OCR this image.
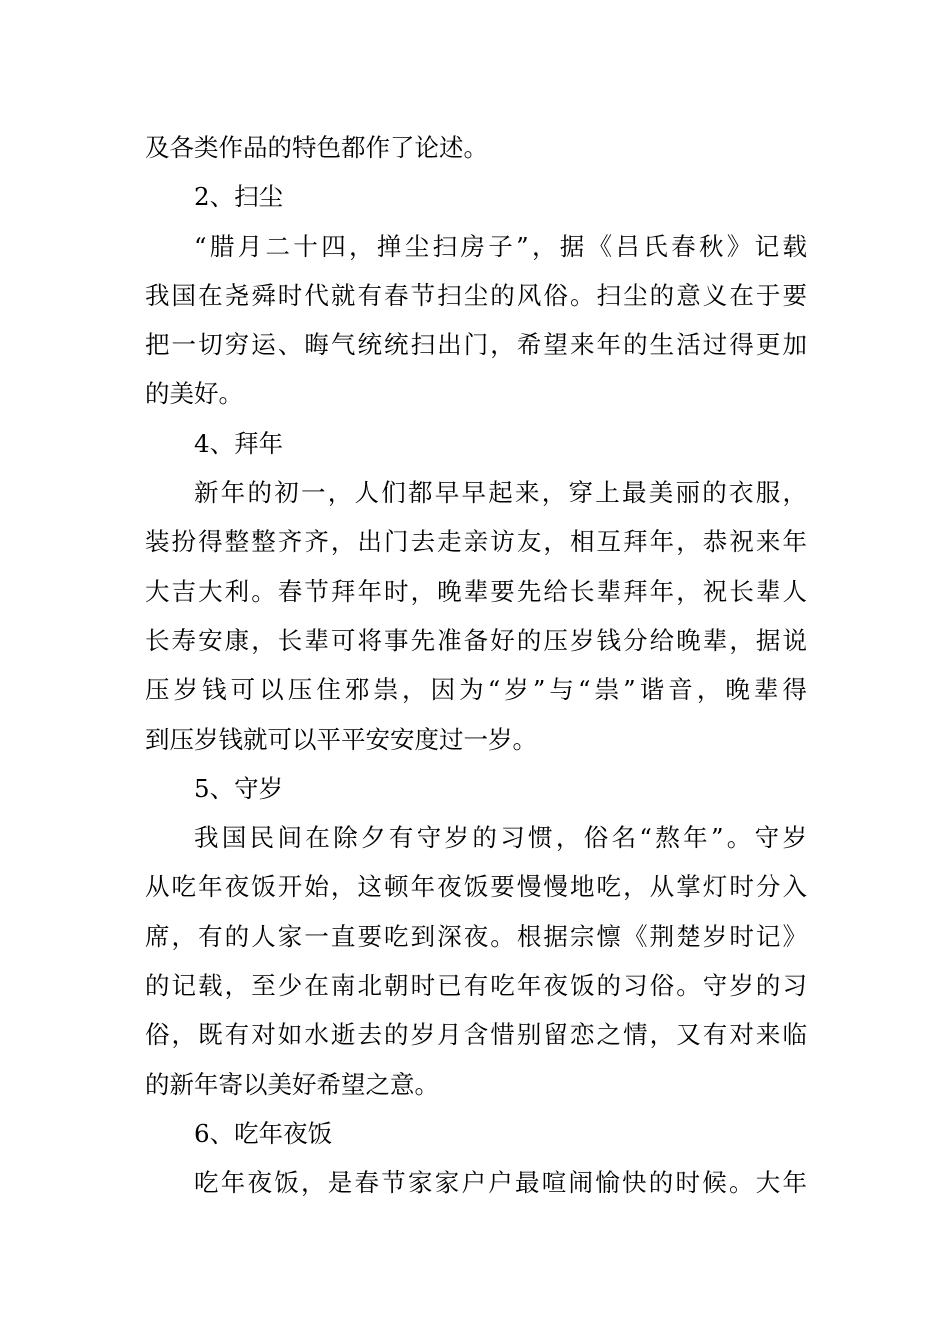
及各类作品的特色都作了论述。
2、扫尘
“腊月二十四，掸尘扫房子”，据《吕氏春秋》记载
我国在尧舜时代就有春节扫尘的风俗。扫尘的意义在于要
把一切穷运、晦气统统扫出门，希望来年的生活过得更加
的美好。
4、拜年
新年的初一，人们都早早起来，穿上最美丽的衣服，
装扮得整整齐齐，出门去走亲访友，相互拜年，恭祝来年
大吉大利。春节拜年时，晚辈要先给长辈拜年，祝长辈人
长寿安康，长辈可将事先准备好的压岁钱分给晚辈，据说
压岁钱可以压住邪祟，因为“岁”与“祟”谐音，晚辈得
到压岁钱就可以平平安安度过一岁。
5、守岁
我国民间在除夕有守岁的习惯，俗名“熬年”。守岁
从吃年夜饭开始，这顿年夜饭要慢慢地吃，从掌灯时分入
席，有的人家一直要吃到深夜。根据宗懔《荆楚岁时记》
的记载，至少在南北朝时已有吃年夜饭的习俗。守岁的习
俗，既有对如水逝去的岁月含惜别留恋之情，又有对来临
的新年寄以美好希望之意。
6、吃年夜饭
吃年夜饭，是春节家家户户最喧闹愉快的时候。大年
